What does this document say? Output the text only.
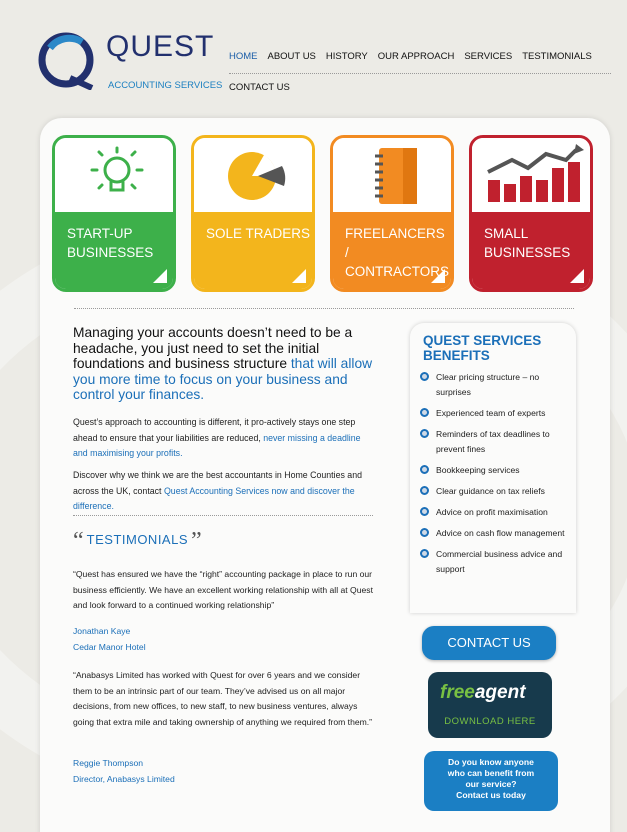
QUEST
ACCOUNTING SERVICES
HOME ABOUT US HISTORY OUR APPROACH SERVICES TESTIMONIALS
CONTACT US
START-UP
BUSINESSES
SOLE TRADERS	FREELANCERS /
CONTRACTORS
SMALL
BUSINESSES
Managing your accounts doesn’t need to be a headache, you just need to set the initial foundations and business structure that will allow you more time to focus on your business and control your finances.
Quest’s approach to accounting is different, it pro-actively stays one step ahead to ensure that your liabilities are reduced, never missing a deadline and maximising your profits.
Discover why we think we are the best accountants in Home Counties and across the UK, contact Quest Accounting Services now and discover the difference.
“ $^{TESTIMONIALS}$ ”
“Quest has ensured we have the “right” accounting package in place to run our business efficiently. We have an excellent working relationship with all at Quest and look forward to a continued working relationship”
Jonathan Kaye
Cedar Manor Hotel
“Anabasys Limited has worked with Quest for over 6 years and we consider them to be an intrinsic part of our team. They’ve advised us on all major decisions, from new offices, to new staff, to new business ventures, always going that extra mile and taking ownership of anything we required from them.”
Reggie Thompson
Director, Anabasys Limited
QUEST SERVICES BENEFITS
Clear pricing structure – no surprises
Experienced team of experts
Reminders of tax deadlines to prevent fines
Bookkeeping services
Clear guidance on tax reliefs
Advice on profit maximisation
Advice on cash flow management
Commercial business advice and support
CONTACT US
freeagent
DOWNLOAD HERE
Do you know anyone
who can benefit from
our service?
Contact us today
